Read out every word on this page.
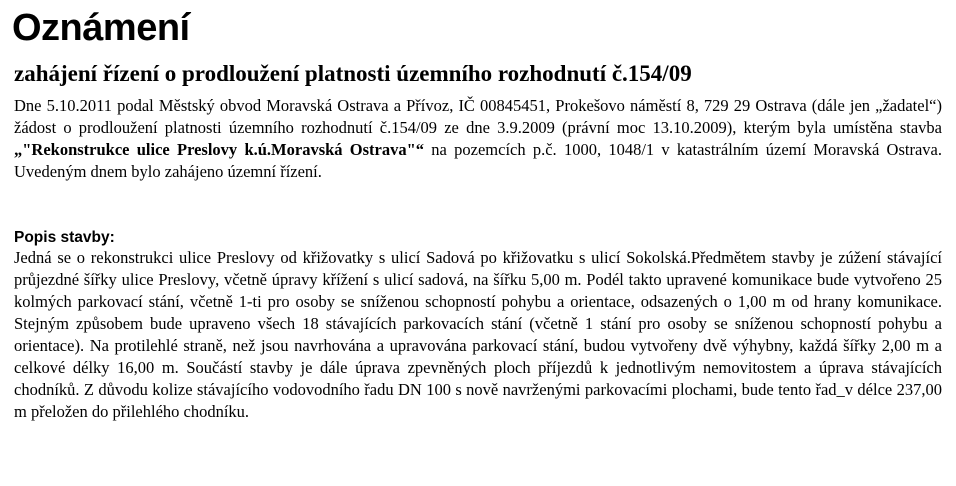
Oznámení
zahájení řízení o prodloužení platnosti územního rozhodnutí č.154/09

Dne 5.10.2011 podal Městský obvod Moravská Ostrava a Přívoz, IČ 00845451, Prokešovo náměstí 8, 729 29 Ostrava (dále jen „žadatel“) žádost o prodloužení platnosti územního rozhodnutí č.154/09 ze dne 3.9.2009 (právní moc 13.10.2009), kterým byla umístěna stavba „"Rekonstrukce ulice Preslovy k.ú.Moravská Ostrava"“ na pozemcích p.č. 1000, 1048/1 v katastrálním území Moravská Ostrava. Uvedeným dnem bylo zahájeno územní řízení.

Popis stavby:

Jedná se o rekonstrukci ulice Preslovy od křižovatky s ulicí Sadová po křižovatku s ulicí Sokolská.Předmětem stavby je zúžení stávající průjezdné šířky ulice Preslovy, včetně úpravy křížení s ulicí sadová, na šířku 5,00 m. Podél takto upravené komunikace bude vytvořeno 25 kolmých parkovací stání, včetně 1-ti pro osoby se sníženou schopností pohybu a orientace, odsazených o 1,00 m od hrany komunikace. Stejným způsobem bude upraveno všech 18 stávajících parkovacích stání (včetně 1 stání pro osoby se sníženou schopností pohybu a orientace). Na protilehlé straně, než jsou navrhována a upravována parkovací stání, budou vytvořeny dvě výhybny, každá šířky 2,00 m a celkové délky 16,00 m. Součástí stavby je dále úprava zpevněných ploch příjezdů k jednotlivým nemovitostem a úprava stávajících chodníků. Z důvodu kolize stávajícího vodovodního řadu DN 100 s nově navrženými parkovacími plochami, bude tento řad_v délce 237,00 m přeložen do přilehlého chodníku.
